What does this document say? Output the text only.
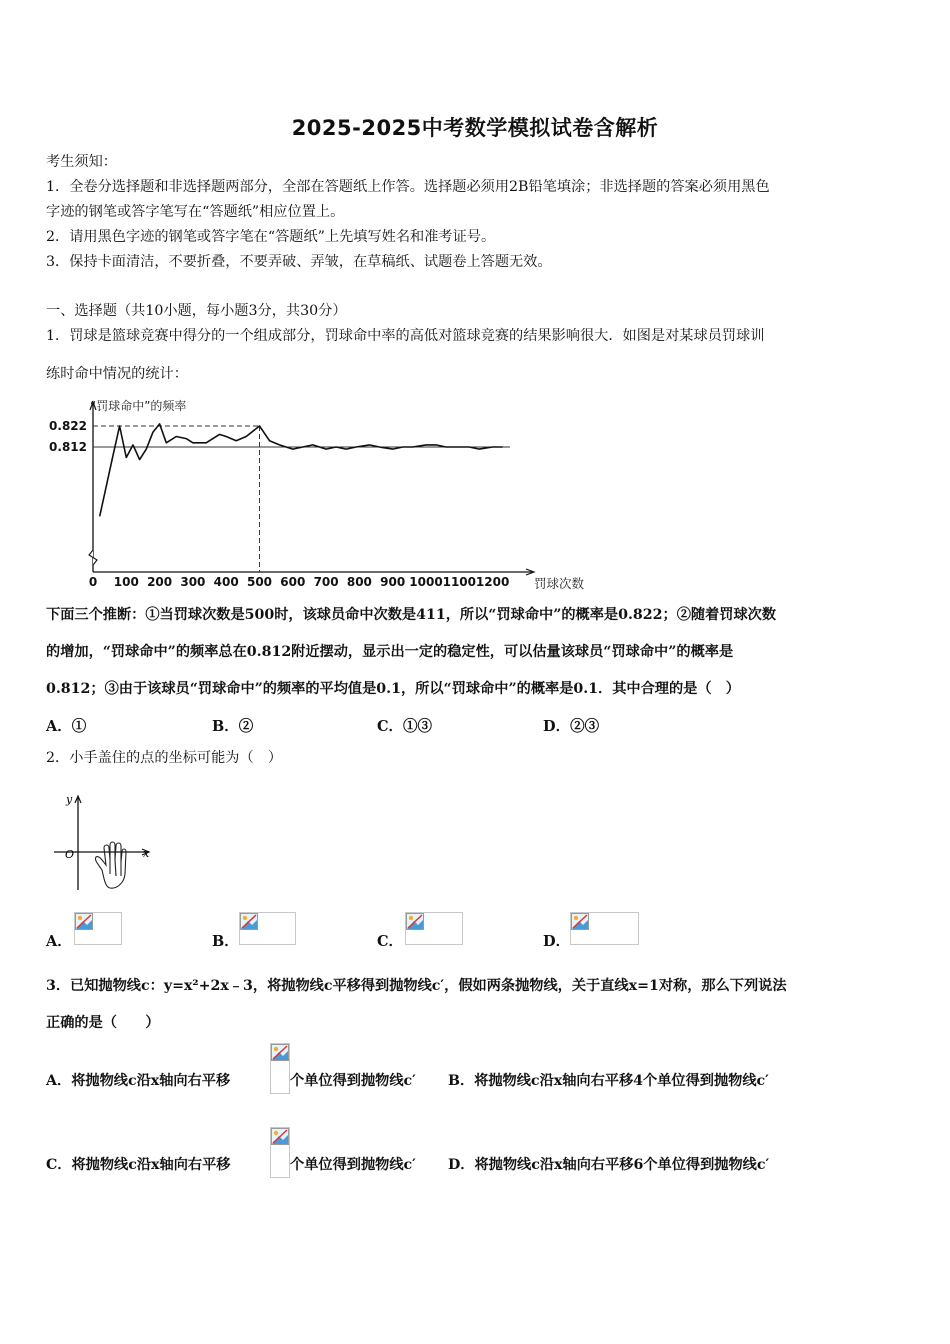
2025-2025中考数学模拟试卷含解析
考生须知：
1．全卷分选择题和非选择题两部分，全部在答题纸上作答。选择题必须用2B铅笔填涂；非选择题的答案必须用黑色
字迹的钢笔或答字笔写在“答题纸”相应位置上。
2．请用黑色字迹的钢笔或答字笔在“答题纸”上先填写姓名和准考证号。
3．保持卡面清洁，不要折叠，不要弄破、弄皱，在草稿纸、试题卷上答题无效。
一、选择题（共10小题，每小题3分，共30分）
1．罚球是篮球竞赛中得分的一个组成部分，罚球命中率的高低对篮球竞赛的结果影响很大．如图是对某球员罚球训
练时命中情况的统计：
0 100 200 300 400 500 600 700 800 900 1000 1100 1200
0.822
0.812
“罚球命中”的频率
罚球次数
下面三个推断：①当罚球次数是500时，该球员命中次数是411，所以“罚球命中”的概率是0.822；②随着罚球次数
的增加，“罚球命中”的频率总在0.812附近摆动，显示出一定的稳定性，可以估量该球员“罚球命中”的概率是
0.812；③由于该球员“罚球命中”的频率的平均值是0.1，所以“罚球命中”的概率是0.1．其中合理的是（　）
A．①	B．②	C．①③	D．②③
2．小手盖住的点的坐标可能为（　）
y
O	x
A．	B．	C．	D．
3．已知抛物线c：y=x²+2x﹣3，将抛物线c平移得到抛物线c′，假如两条抛物线，关于直线x=1对称，那么下列说法
正确的是（　　）
A．将抛物线c沿x轴向右平移	个单位得到抛物线c′ B．将抛物线c沿x轴向右平移4个单位得到抛物线c′
C．将抛物线c沿x轴向右平移	个单位得到抛物线c′ D．将抛物线c沿x轴向右平移6个单位得到抛物线c′
